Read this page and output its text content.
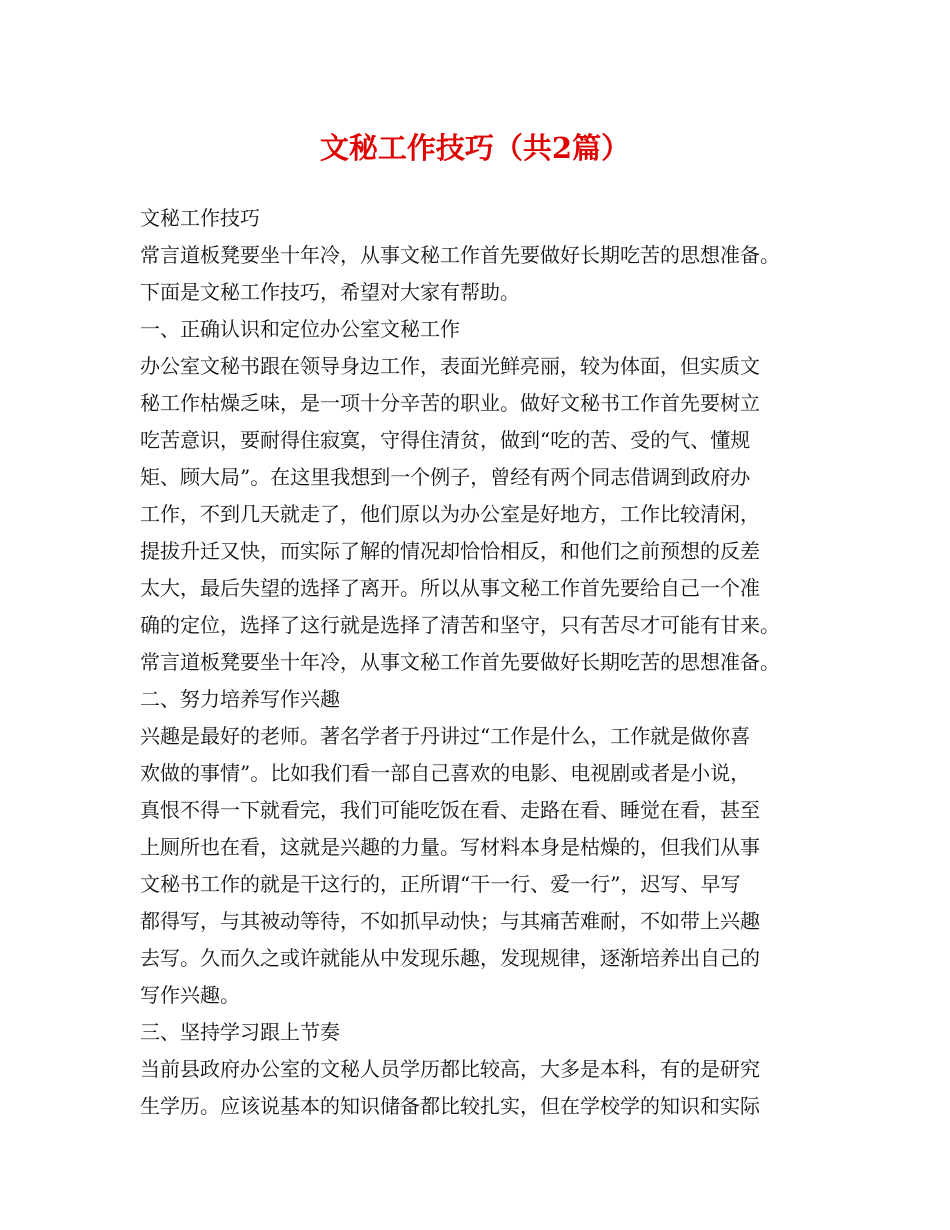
文秘工作技巧（共2篇）
文秘工作技巧
常言道板凳要坐十年冷，从事文秘工作首先要做好长期吃苦的思想准备。
下面是文秘工作技巧，希望对大家有帮助。
一、正确认识和定位办公室文秘工作
办公室文秘书跟在领导身边工作，表面光鲜亮丽，较为体面，但实质文
秘工作枯燥乏味，是一项十分辛苦的职业。做好文秘书工作首先要树立
吃苦意识，要耐得住寂寞，守得住清贫，做到“吃的苦、受的气、懂规
矩、顾大局”。在这里我想到一个例子，曾经有两个同志借调到政府办
工作，不到几天就走了，他们原以为办公室是好地方，工作比较清闲，
提拔升迁又快，而实际了解的情况却恰恰相反，和他们之前预想的反差
太大，最后失望的选择了离开。所以从事文秘工作首先要给自己一个准
确的定位，选择了这行就是选择了清苦和坚守，只有苦尽才可能有甘来。
常言道板凳要坐十年冷，从事文秘工作首先要做好长期吃苦的思想准备。
二、努力培养写作兴趣
兴趣是最好的老师。著名学者于丹讲过“工作是什么，工作就是做你喜
欢做的事情”。比如我们看一部自己喜欢的电影、电视剧或者是小说，
真恨不得一下就看完，我们可能吃饭在看、走路在看、睡觉在看，甚至
上厕所也在看，这就是兴趣的力量。写材料本身是枯燥的，但我们从事
文秘书工作的就是干这行的，正所谓“干一行、爱一行”，迟写、早写
都得写，与其被动等待，不如抓早动快；与其痛苦难耐，不如带上兴趣
去写。久而久之或许就能从中发现乐趣，发现规律，逐渐培养出自己的
写作兴趣。
三、坚持学习跟上节奏
当前县政府办公室的文秘人员学历都比较高，大多是本科，有的是研究
生学历。应该说基本的知识储备都比较扎实，但在学校学的知识和实际
